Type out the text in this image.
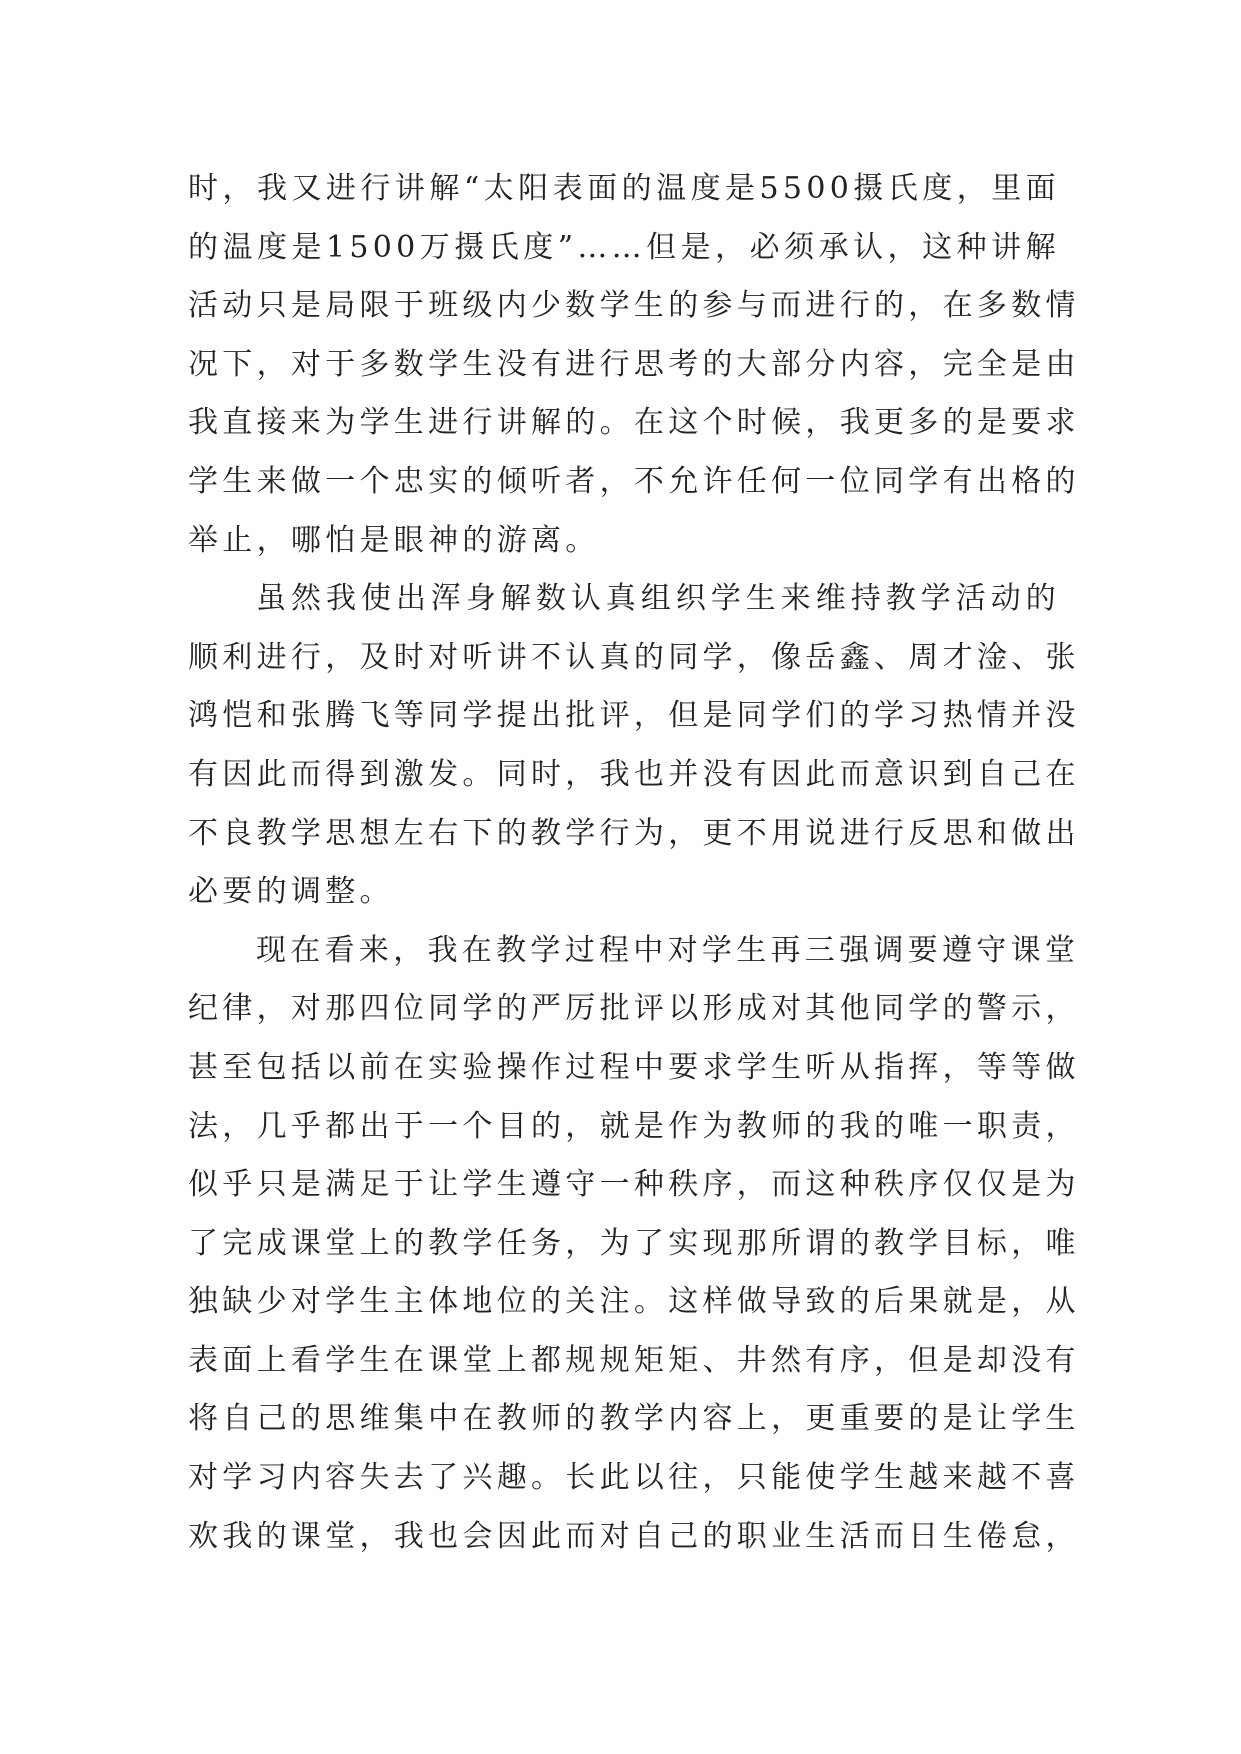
时，我又进行讲解“太阳表面的温度是5500摄氏度，里面
的温度是1500万摄氏度”……但是，必须承认，这种讲解
活动只是局限于班级内少数学生的参与而进行的，在多数情
况下，对于多数学生没有进行思考的大部分内容，完全是由
我直接来为学生进行讲解的。在这个时候，我更多的是要求
学生来做一个忠实的倾听者，不允许任何一位同学有出格的
举止，哪怕是眼神的游离。
虽然我使出浑身解数认真组织学生来维持教学活动的
顺利进行，及时对听讲不认真的同学，像岳鑫、周才淦、张
鸿恺和张腾飞等同学提出批评，但是同学们的学习热情并没
有因此而得到激发。同时，我也并没有因此而意识到自己在
不良教学思想左右下的教学行为，更不用说进行反思和做出
必要的调整。
现在看来，我在教学过程中对学生再三强调要遵守课堂
纪律，对那四位同学的严厉批评以形成对其他同学的警示，
甚至包括以前在实验操作过程中要求学生听从指挥，等等做
法，几乎都出于一个目的，就是作为教师的我的唯一职责，
似乎只是满足于让学生遵守一种秩序，而这种秩序仅仅是为
了完成课堂上的教学任务，为了实现那所谓的教学目标，唯
独缺少对学生主体地位的关注。这样做导致的后果就是，从
表面上看学生在课堂上都规规矩矩、井然有序，但是却没有
将自己的思维集中在教师的教学内容上，更重要的是让学生
对学习内容失去了兴趣。长此以往，只能使学生越来越不喜
欢我的课堂，我也会因此而对自己的职业生活而日生倦怠，
